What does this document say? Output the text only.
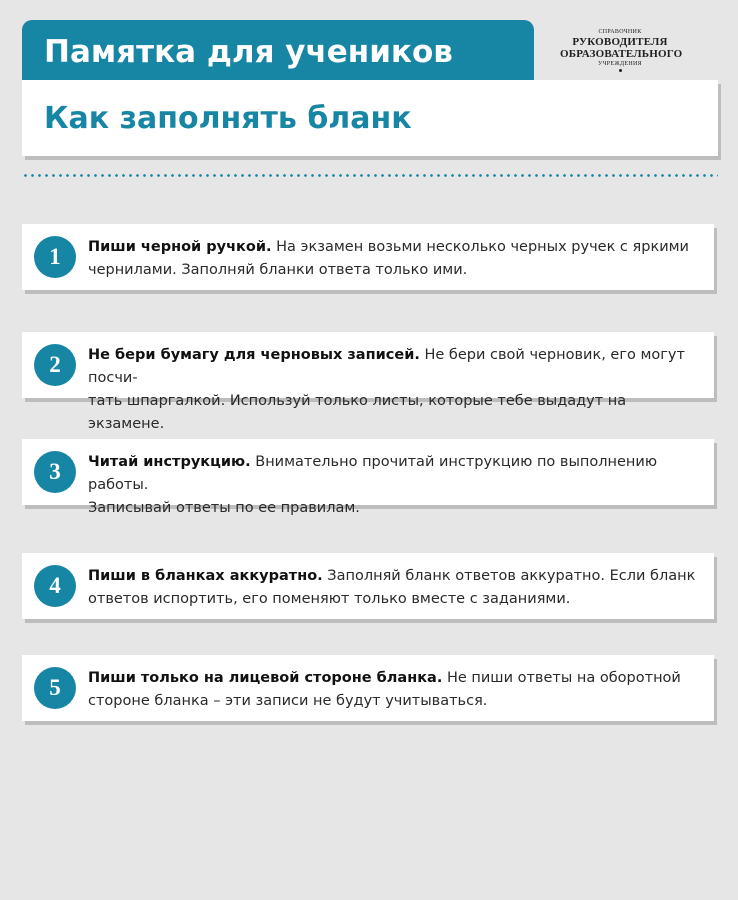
Памятка для учеников
СПРАВОЧНИК
РУКОВОДИТЕЛЯ
ОБРАЗОВАТЕЛЬНОГО
УЧРЕЖДЕНИЯ
Как заполнять бланк
1	Пиши черной ручкой. На экзамен возьми несколько черных ручек с яркими
чернилами. Заполняй бланки ответа только ими.
2	Не бери бумагу для черновых записей. Не бери свой черновик, его могут посчи-
тать шпаргалкой. Используй только листы, которые тебе выдадут на экзамене.
3	Читай инструкцию. Внимательно прочитай инструкцию по выполнению работы.
Записывай ответы по ее правилам.
4	Пиши в бланках аккуратно. Заполняй бланк ответов аккуратно. Если бланк
ответов испортить, его поменяют только вместе с заданиями.
5	Пиши только на лицевой стороне бланка. Не пиши ответы на оборотной
стороне бланка – эти записи не будут учитываться.
